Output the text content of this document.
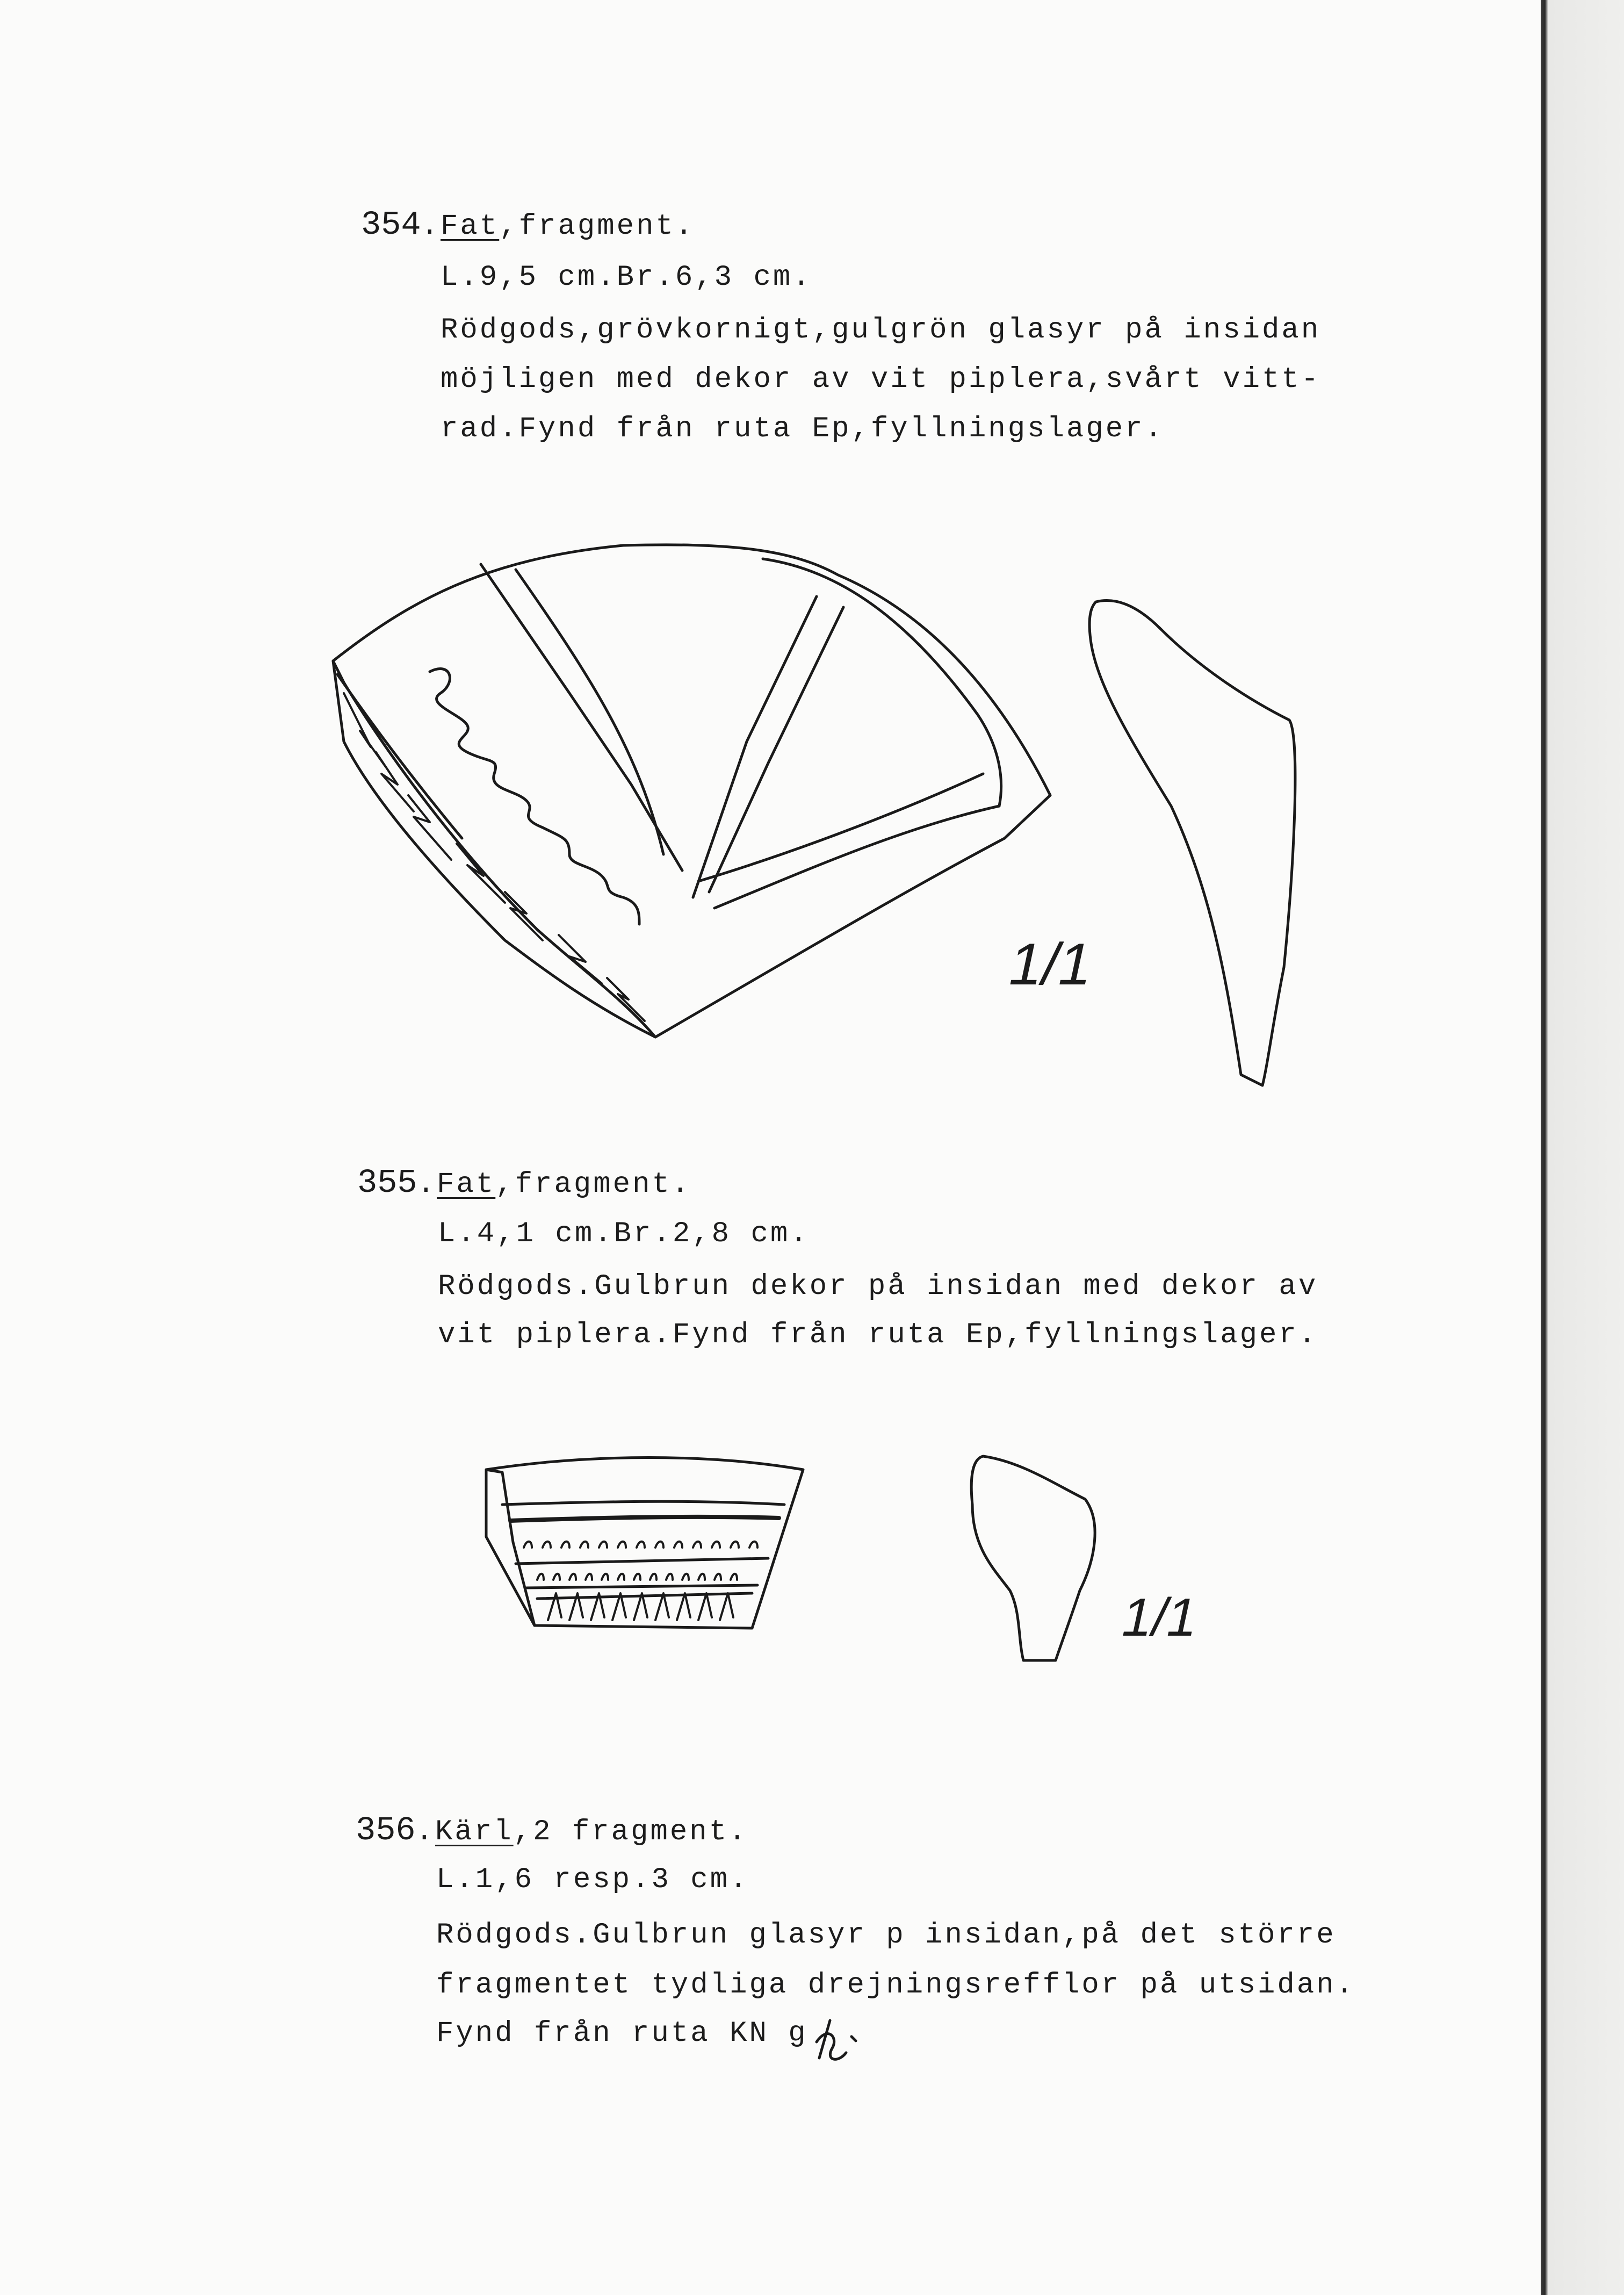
354.Fat,fragment.
L.9,5 cm.Br.6,3 cm.
Rödgods,grövkornigt,gulgrön glasyr på insidan
möjligen med dekor av vit piplera,svårt vitt-
rad.Fynd från ruta Ep,fyllningslager.
1/1
355.Fat,fragment.
L.4,1 cm.Br.2,8 cm.
Rödgods.Gulbrun dekor på insidan med dekor av
vit piplera.Fynd från ruta Ep,fyllningslager.
1/1
356.Kärl,2 fragment.
L.1,6 resp.3 cm.
Rödgods.Gulbrun glasyr p insidan,på det större
fragmentet tydliga drejningsrefflor på utsidan.
Fynd från ruta KN g
